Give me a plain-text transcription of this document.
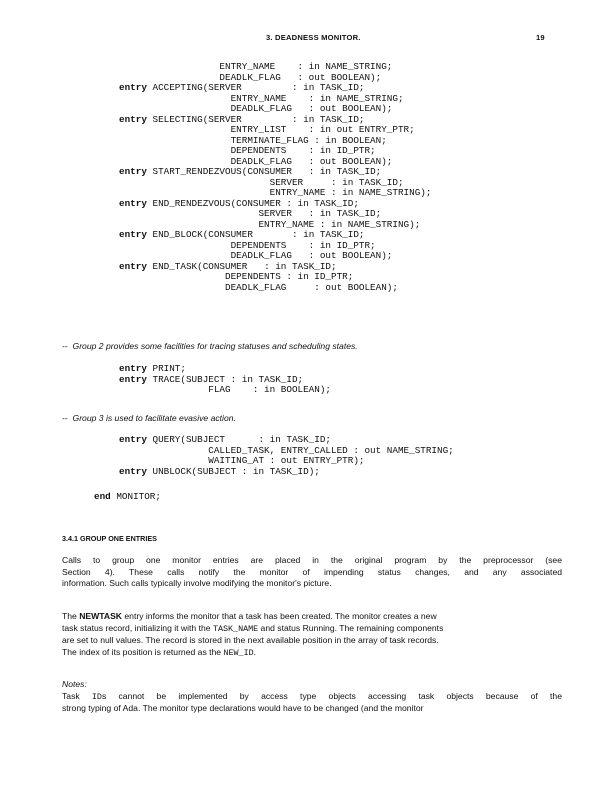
3. DEADNESS MONITOR.	19
ENTRY_NAME    : in NAME_STRING;
DEADLK_FLAG   : out BOOLEAN);
entry ACCEPTING(SERVER         : in TASK_ID;
ENTRY_NAME    : in NAME_STRING;
DEADLK_FLAG   : out BOOLEAN);
entry SELECTING(SERVER         : in TASK_ID;
ENTRY_LIST    : in out ENTRY_PTR;
TERMINATE_FLAG : in BOOLEAN;
DEPENDENTS    : in ID_PTR;
DEADLK_FLAG   : out BOOLEAN);
entry START_RENDEZVOUS(CONSUMER   : in TASK_ID;
SERVER     : in TASK_ID;
ENTRY_NAME : in NAME_STRING);
entry END_RENDEZVOUS(CONSUMER : in TASK_ID;
SERVER   : in TASK_ID;
ENTRY_NAME : in NAME_STRING);
entry END_BLOCK(CONSUMER       : in TASK_ID;
DEPENDENTS    : in ID_PTR;
DEADLK_FLAG   : out BOOLEAN);
entry END_TASK(CONSUMER   : in TASK_ID;
DEPENDENTS : in ID_PTR;
DEADLK_FLAG     : out BOOLEAN);
-- Group 2 provides some facilities for tracing statuses and scheduling states.
entry PRINT;
entry TRACE(SUBJECT : in TASK_ID;
FLAG    : in BOOLEAN);
-- Group 3 is used to facilitate evasive action.
entry QUERY(SUBJECT      : in TASK_ID;
CALLED_TASK, ENTRY_CALLED : out NAME_STRING;
WAITING_AT : out ENTRY_PTR);
entry UNBLOCK(SUBJECT : in TASK_ID);
end MONITOR;
3.4.1 GROUP ONE ENTRIES
Calls to group one monitor entries are placed in the original program by the preprocessor (see
Section 4). These calls notify the monitor of impending status changes, and any associated
information. Such calls typically involve modifying the monitor's picture.
The NEWTASK entry informs the monitor that a task has been created. The monitor creates a new
task status record, initializing it with the TASK_NAME and status Running. The remaining components
are set to null values. The record is stored in the next available position in the array of task records.
The index of its position is returned as the NEW_ID.
Notes:
Task IDs cannot be implemented by access type objects accessing task objects because of the
strong typing of Ada. The monitor type declarations would have to be changed (and the monitor
